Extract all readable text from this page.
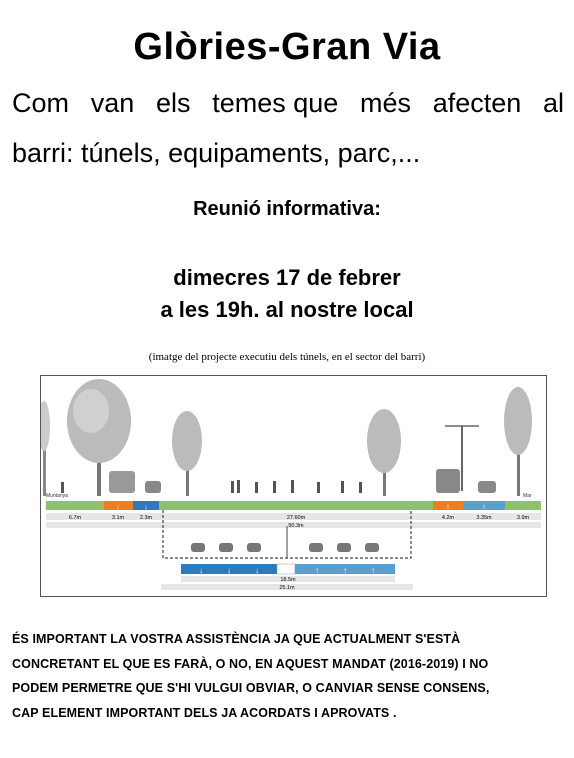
Glòries-Gran Via
Com van els temes que més afecten al
barri: túnels, equipaments, parc,...
Reunió informativa:
dimecres 17 de febrer
a les 19h. al nostre local
(imatge del projecte executiu dels túnels, en el sector del barri)
↓	↓	↑	↑
Muntanya	Mar
6.7m	3.1m	2.3m	27.60m	4.2m	3.35m	3.9m
50.3m
↓	↓	↓	↑	↑	↑
18.5m
25.1m
ÉS IMPORTANT LA VOSTRA ASSISTÈNCIA JA QUE ACTUALMENT S'ESTÀ
CONCRETANT EL QUE ES FARÀ, O NO, EN AQUEST MANDAT (2016-2019) I NO
PODEM PERMETRE QUE S'HI VULGUI OBVIAR, O CANVIAR SENSE CONSENS,
CAP ELEMENT IMPORTANT DELS JA ACORDATS I APROVATS .
